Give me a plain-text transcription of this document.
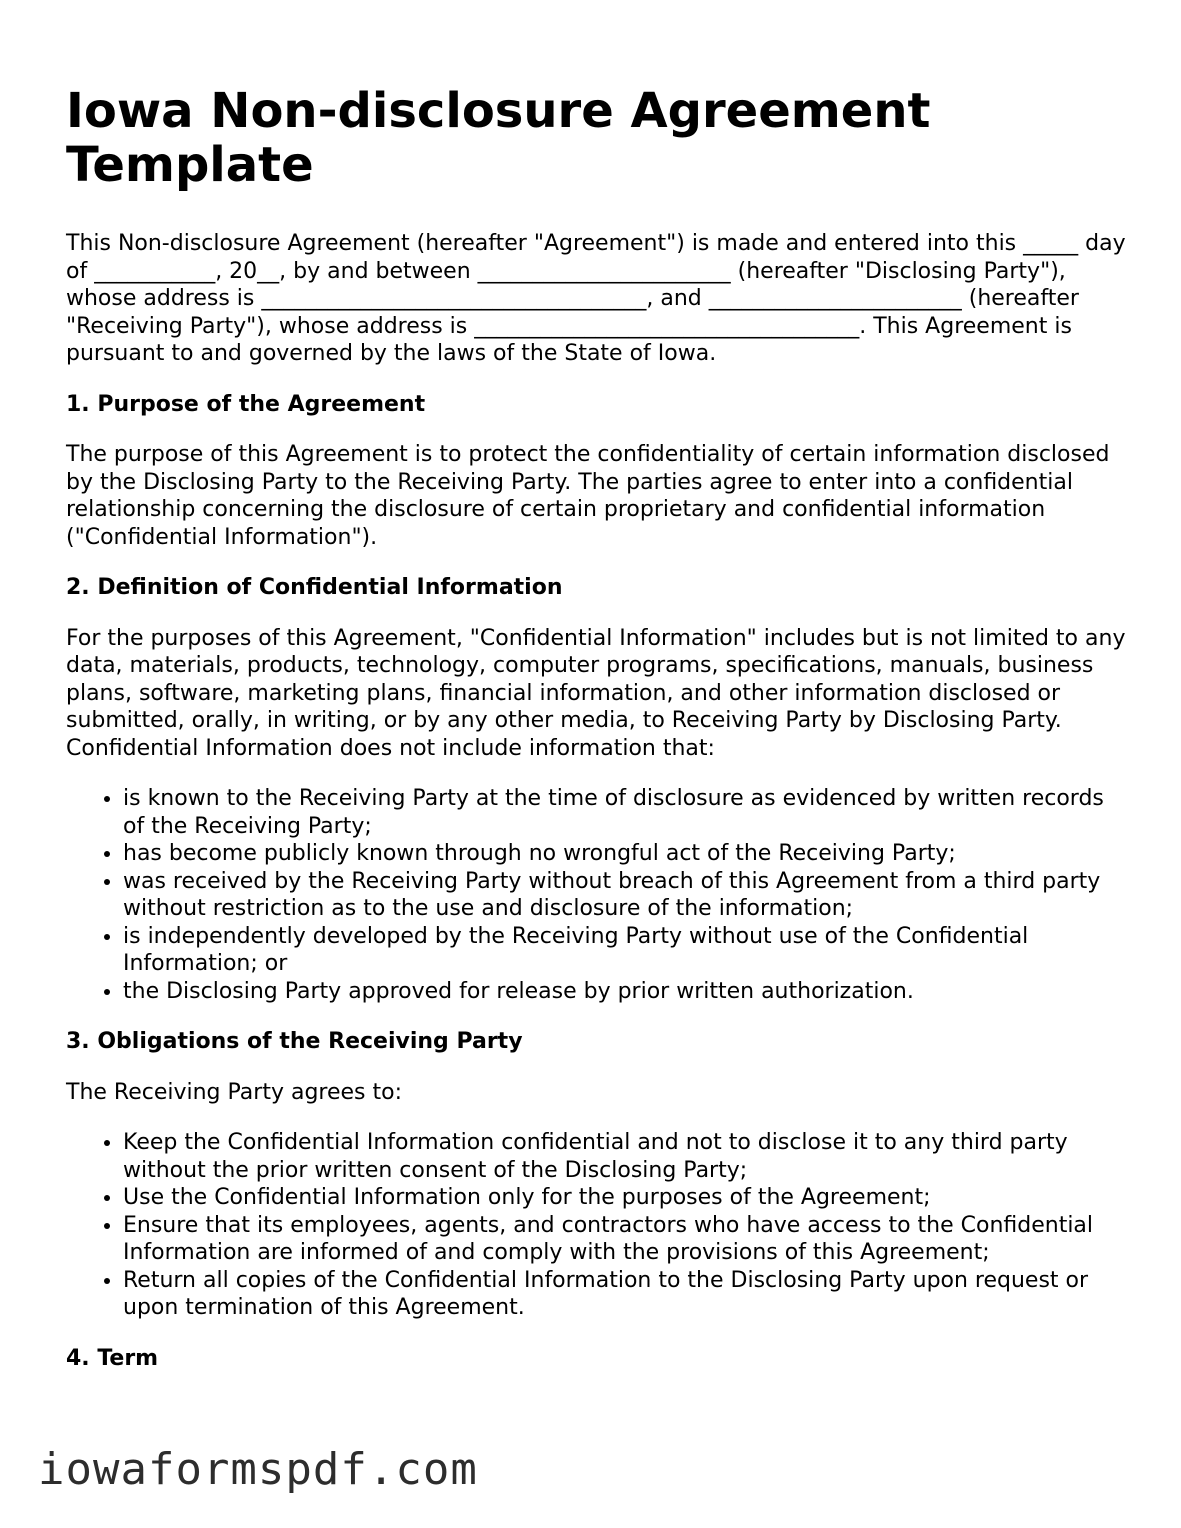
Iowa Non-disclosure Agreement Template

This Non-disclosure Agreement (hereafter "Agreement") is made and entered into this _____ day of ___________, 20__, by and between _______________________ (hereafter "Disclosing Party"), whose address is ___________________________________, and _______________________ (hereafter "Receiving Party"), whose address is ___________________________________. This Agreement is pursuant to and governed by the laws of the State of Iowa.

1. Purpose of the Agreement

The purpose of this Agreement is to protect the confidentiality of certain information disclosed by the Disclosing Party to the Receiving Party. The parties agree to enter into a confidential relationship concerning the disclosure of certain proprietary and confidential information ("Confidential Information").

2. Definition of Confidential Information

For the purposes of this Agreement, "Confidential Information" includes but is not limited to any data, materials, products, technology, computer programs, specifications, manuals, business plans, software, marketing plans, financial information, and other information disclosed or submitted, orally, in writing, or by any other media, to Receiving Party by Disclosing Party. Confidential Information does not include information that:

• is known to the Receiving Party at the time of disclosure as evidenced by written records of the Receiving Party;
• has become publicly known through no wrongful act of the Receiving Party;
• was received by the Receiving Party without breach of this Agreement from a third party without restriction as to the use and disclosure of the information;
• is independently developed by the Receiving Party without use of the Confidential Information; or
• the Disclosing Party approved for release by prior written authorization.
3. Obligations of the Receiving Party

The Receiving Party agrees to:

• Keep the Confidential Information confidential and not to disclose it to any third party without the prior written consent of the Disclosing Party;
• Use the Confidential Information only for the purposes of the Agreement;
• Ensure that its employees, agents, and contractors who have access to the Confidential Information are informed of and comply with the provisions of this Agreement;
• Return all copies of the Confidential Information to the Disclosing Party upon request or upon termination of this Agreement.
4. Term
iowaformspdf.com
